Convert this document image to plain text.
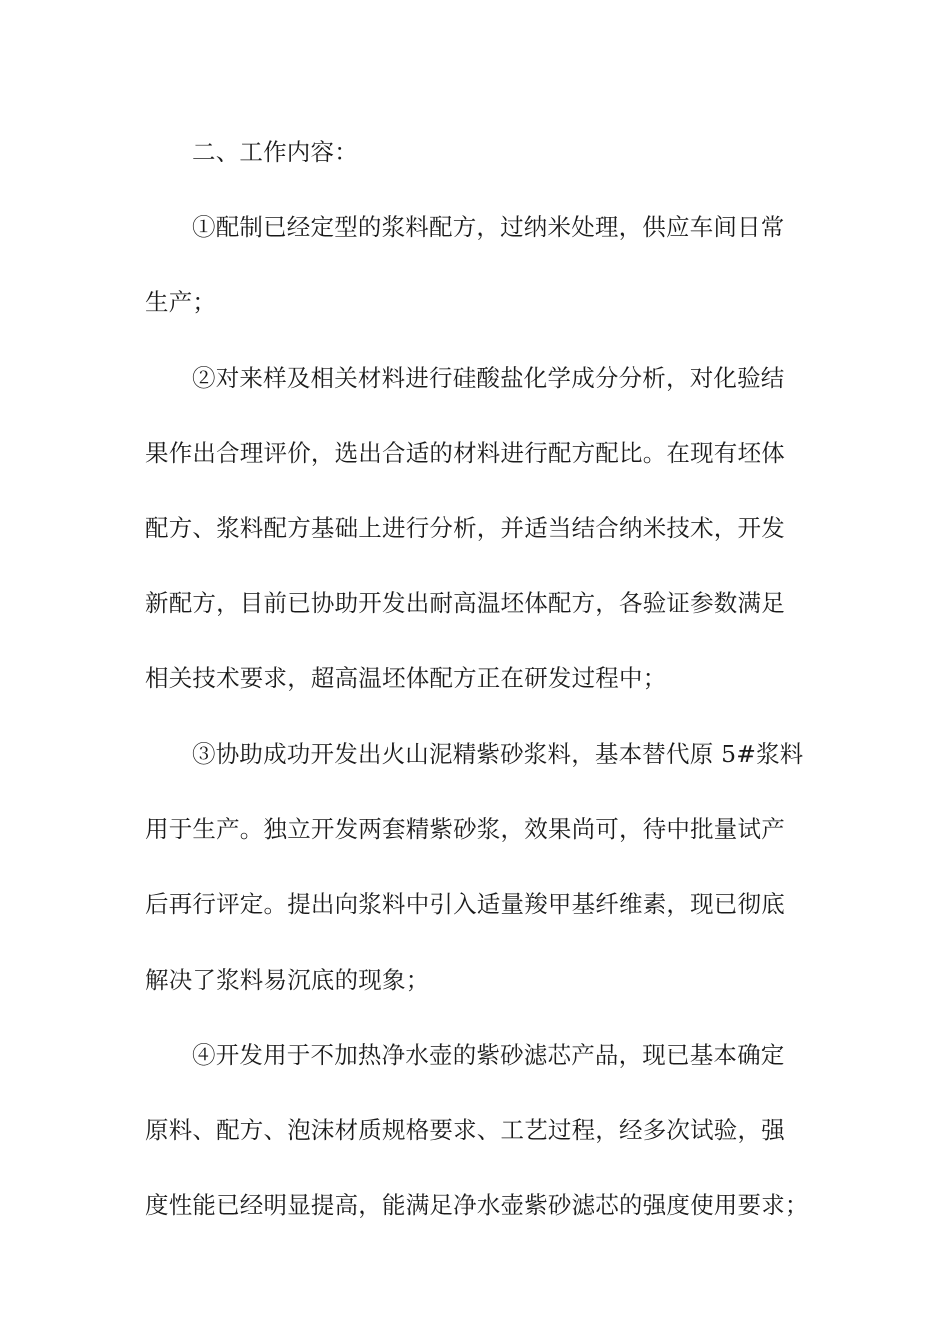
二、工作内容：
①配制已经定型的浆料配方，过纳米处理，供应车间日常
生产；
②对来样及相关材料进行硅酸盐化学成分分析，对化验结
果作出合理评价，选出合适的材料进行配方配比。在现有坯体
配方、浆料配方基础上进行分析，并适当结合纳米技术，开发
新配方，目前已协助开发出耐高温坯体配方，各验证参数满足
相关技术要求，超高温坯体配方正在研发过程中；
③协助成功开发出火山泥精紫砂浆料，基本替代原 5#浆料
用于生产。独立开发两套精紫砂浆，效果尚可，待中批量试产
后再行评定。提出向浆料中引入适量羧甲基纤维素，现已彻底
解决了浆料易沉底的现象；
④开发用于不加热净水壶的紫砂滤芯产品，现已基本确定
原料、配方、泡沫材质规格要求、工艺过程，经多次试验，强
度性能已经明显提高，能满足净水壶紫砂滤芯的强度使用要求；
